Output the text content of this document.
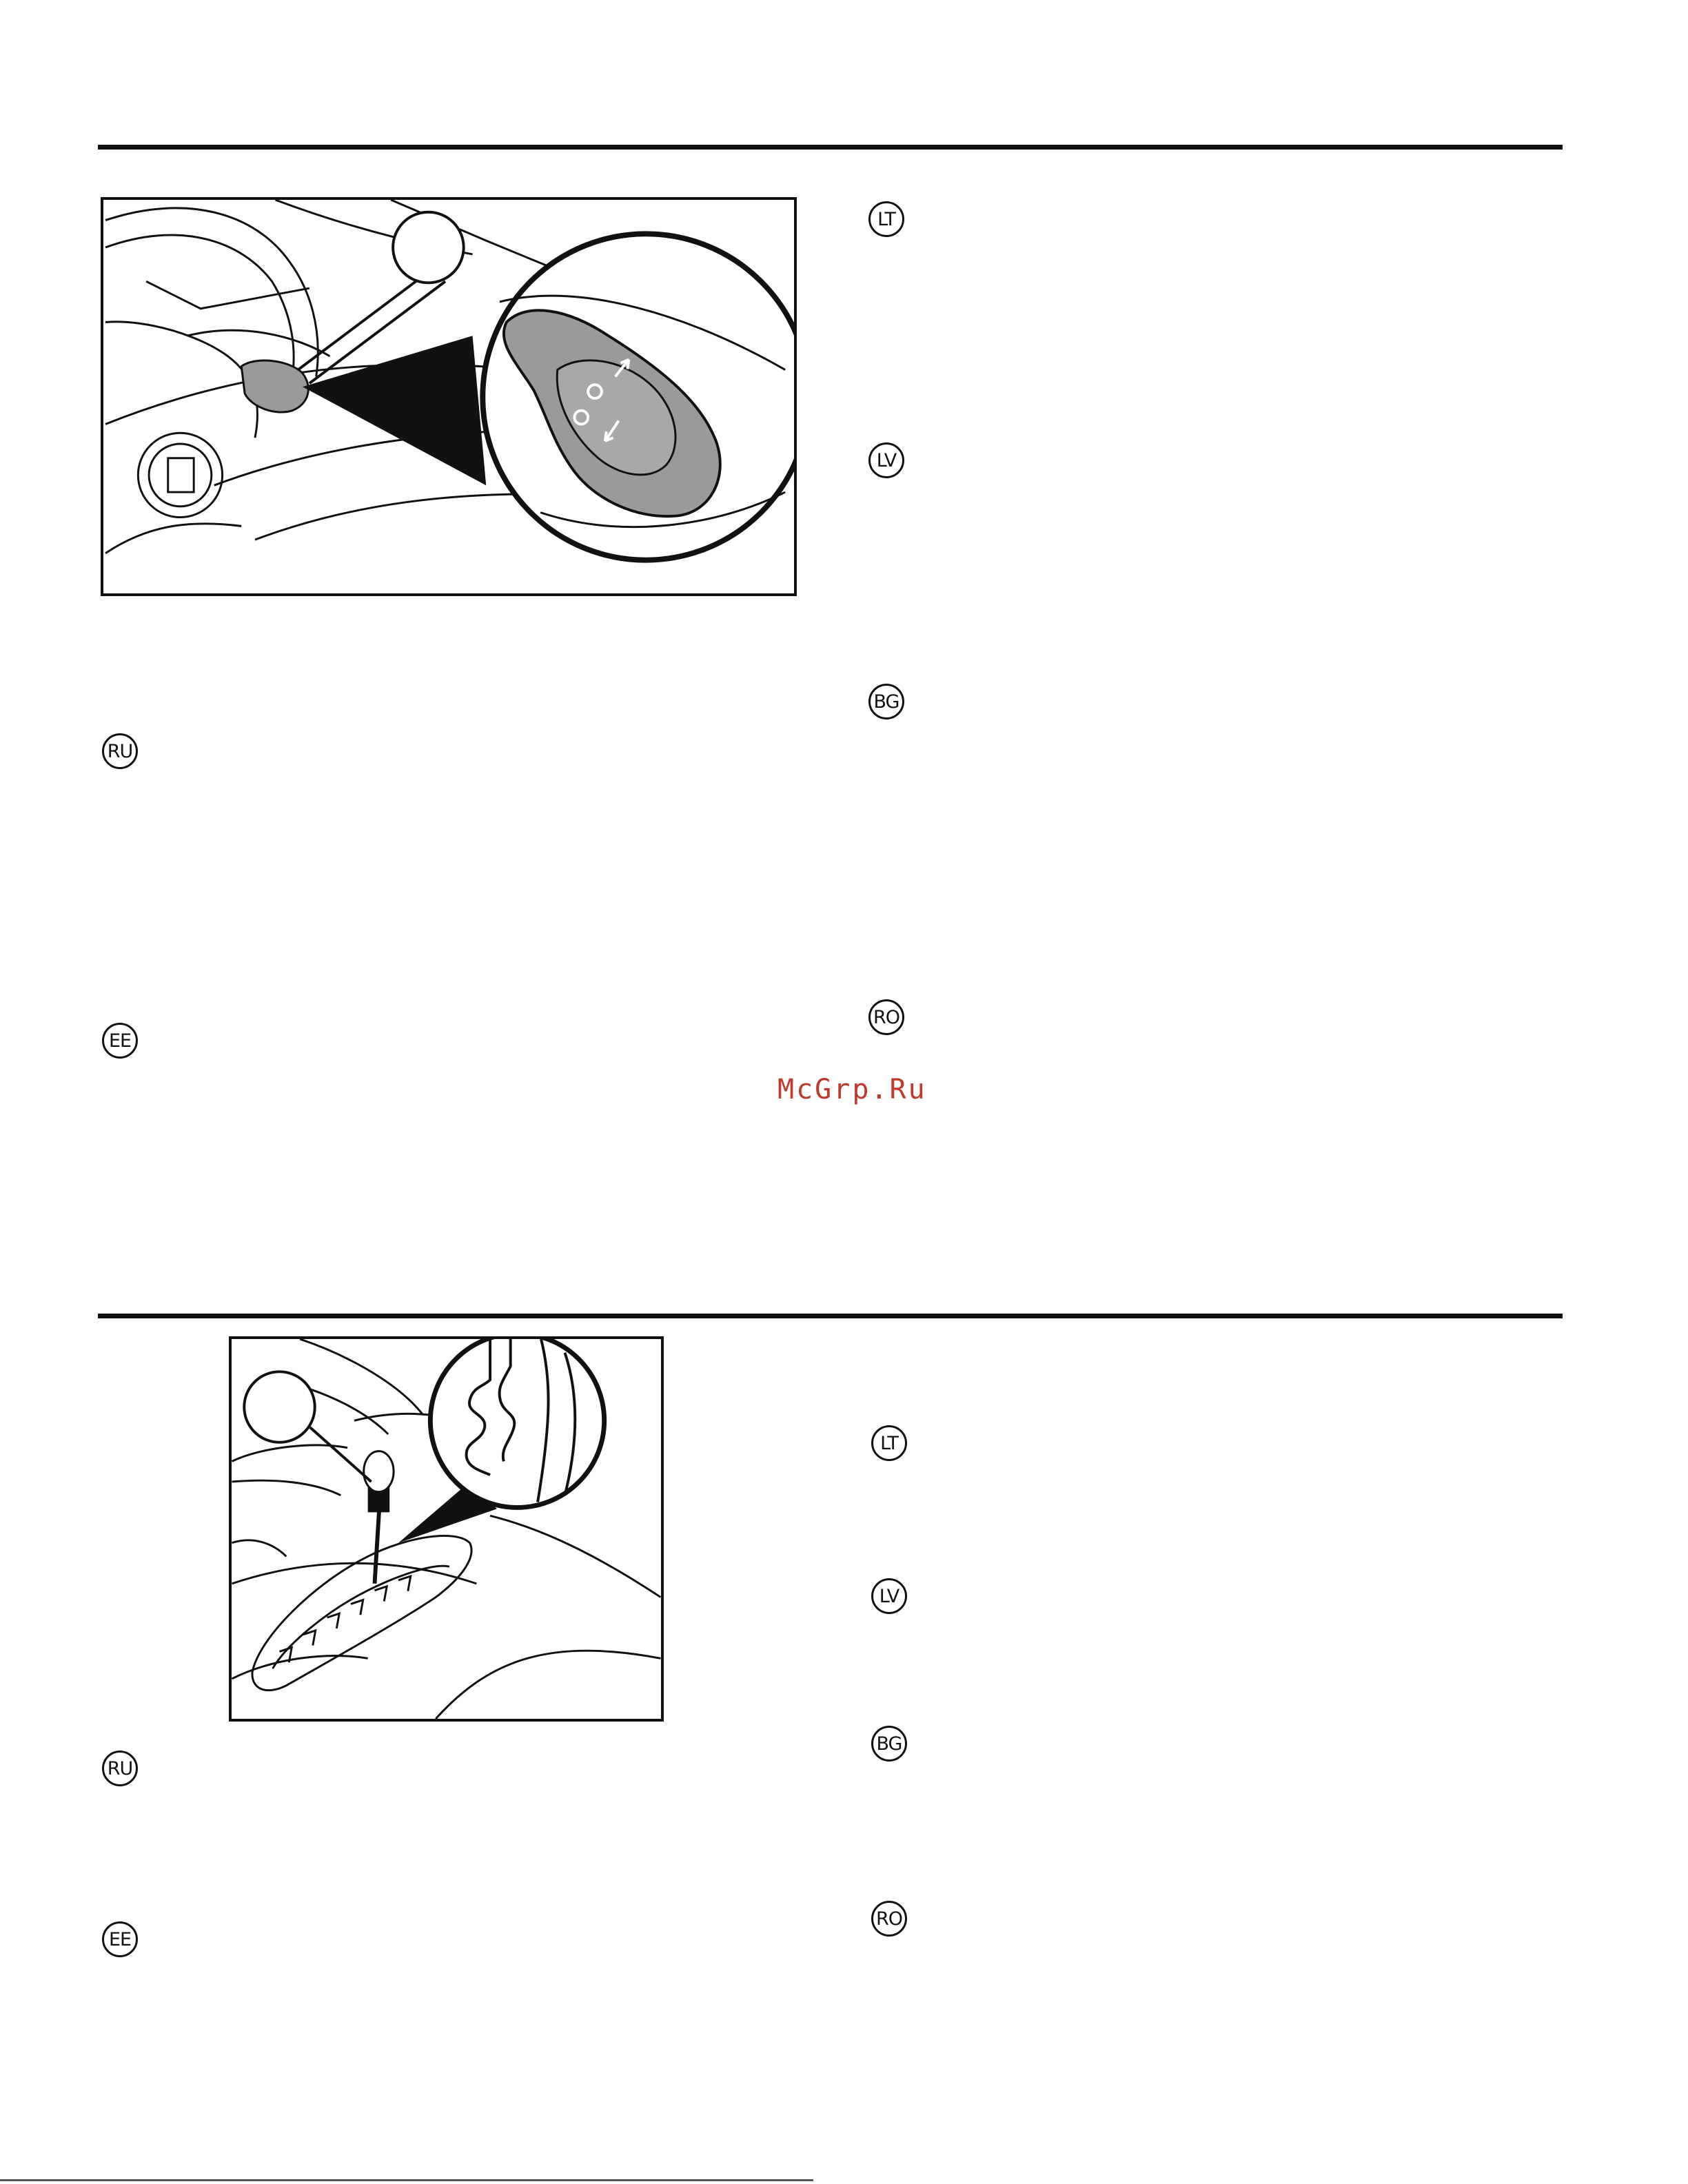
RU
EE
LT
LV
BG
RO
McGrp.Ru
RU
EE
LT
LV
BG
RO
